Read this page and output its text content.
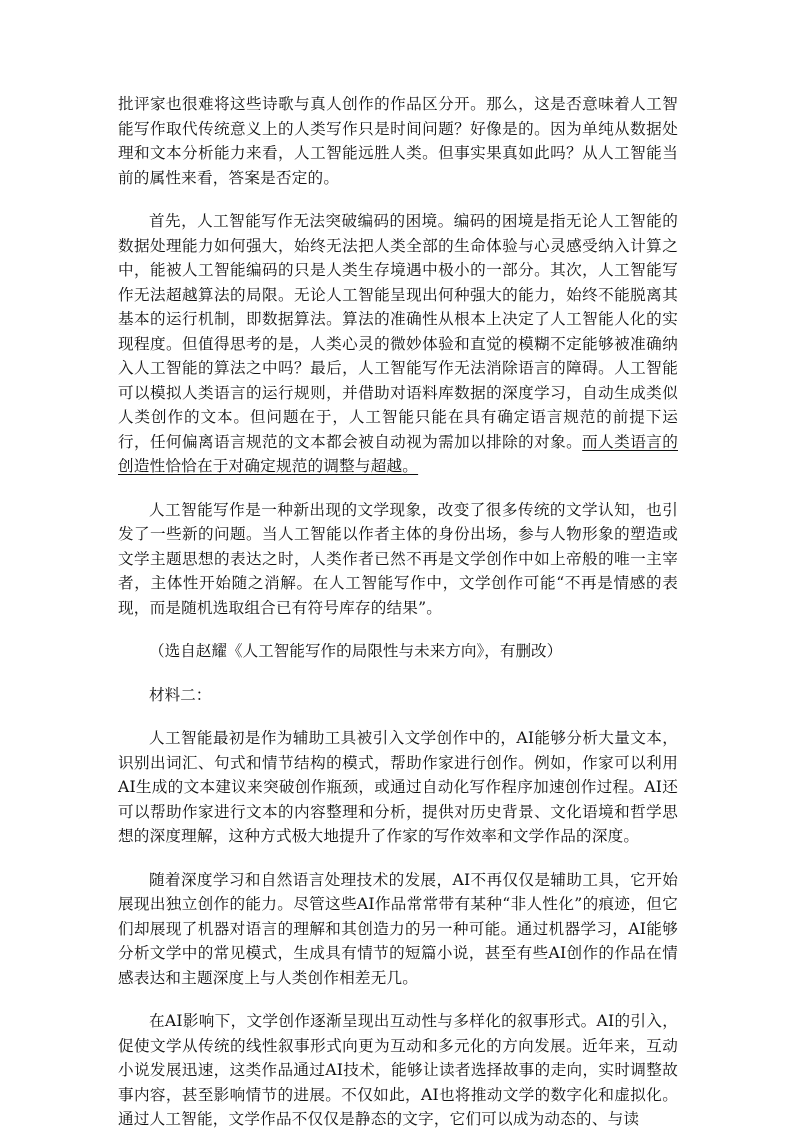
批评家也很难将这些诗歌与真人创作的作品区分开。那么，这是否意味着人工智能写作取代传统意义上的人类写作只是时间问题？好像是的。因为单纯从数据处理和文本分析能力来看，人工智能远胜人类。但事实果真如此吗？从人工智能当前的属性来看，答案是否定的。

首先，人工智能写作无法突破编码的困境。编码的困境是指无论人工智能的数据处理能力如何强大，始终无法把人类全部的生命体验与心灵感受纳入计算之中，能被人工智能编码的只是人类生存境遇中极小的一部分。其次，人工智能写作无法超越算法的局限。无论人工智能呈现出何种强大的能力，始终不能脱离其基本的运行机制，即数据算法。算法的准确性从根本上决定了人工智能人化的实现程度。但值得思考的是，人类心灵的微妙体验和直觉的模糊不定能够被准确纳入人工智能的算法之中吗？最后，人工智能写作无法消除语言的障碍。人工智能可以模拟人类语言的运行规则，并借助对语料库数据的深度学习，自动生成类似人类创作的文本。但问题在于，人工智能只能在具有确定语言规范的前提下运行，任何偏离语言规范的文本都会被自动视为需加以排除的对象。而人类语言的创造性恰恰在于对确定规范的调整与超越。

人工智能写作是一种新出现的文学现象，改变了很多传统的文学认知，也引发了一些新的问题。当人工智能以作者主体的身份出场，参与人物形象的塑造或文学主题思想的表达之时，人类作者已然不再是文学创作中如上帝般的唯一主宰者，主体性开始随之消解。在人工智能写作中，文学创作可能“不再是情感的表现，而是随机选取组合已有符号库存的结果”。

（选自赵耀《人工智能写作的局限性与未来方向》，有删改）

材料二：

人工智能最初是作为辅助工具被引入文学创作中的，AI能够分析大量文本，识别出词汇、句式和情节结构的模式，帮助作家进行创作。例如，作家可以利用AI生成的文本建议来突破创作瓶颈，或通过自动化写作程序加速创作过程。AI还可以帮助作家进行文本的内容整理和分析，提供对历史背景、文化语境和哲学思想的深度理解，这种方式极大地提升了作家的写作效率和文学作品的深度。

随着深度学习和自然语言处理技术的发展，AI不再仅仅是辅助工具，它开始展现出独立创作的能力。尽管这些AI作品常常带有某种“非人性化”的痕迹，但它们却展现了机器对语言的理解和其创造力的另一种可能。通过机器学习，AI能够分析文学中的常见模式，生成具有情节的短篇小说，甚至有些AI创作的作品在情感表达和主题深度上与人类创作相差无几。

在AI影响下，文学创作逐渐呈现出互动性与多样化的叙事形式。AI的引入，促使文学从传统的线性叙事形式向更为互动和多元化的方向发展。近年来，互动小说发展迅速，这类作品通过AI技术，能够让读者选择故事的走向，实时调整故事内容，甚至影响情节的进展。不仅如此，AI也将推动文学的数字化和虚拟化。通过人工智能，文学作品不仅仅是静态的文字，它们可以成为动态的、与读
